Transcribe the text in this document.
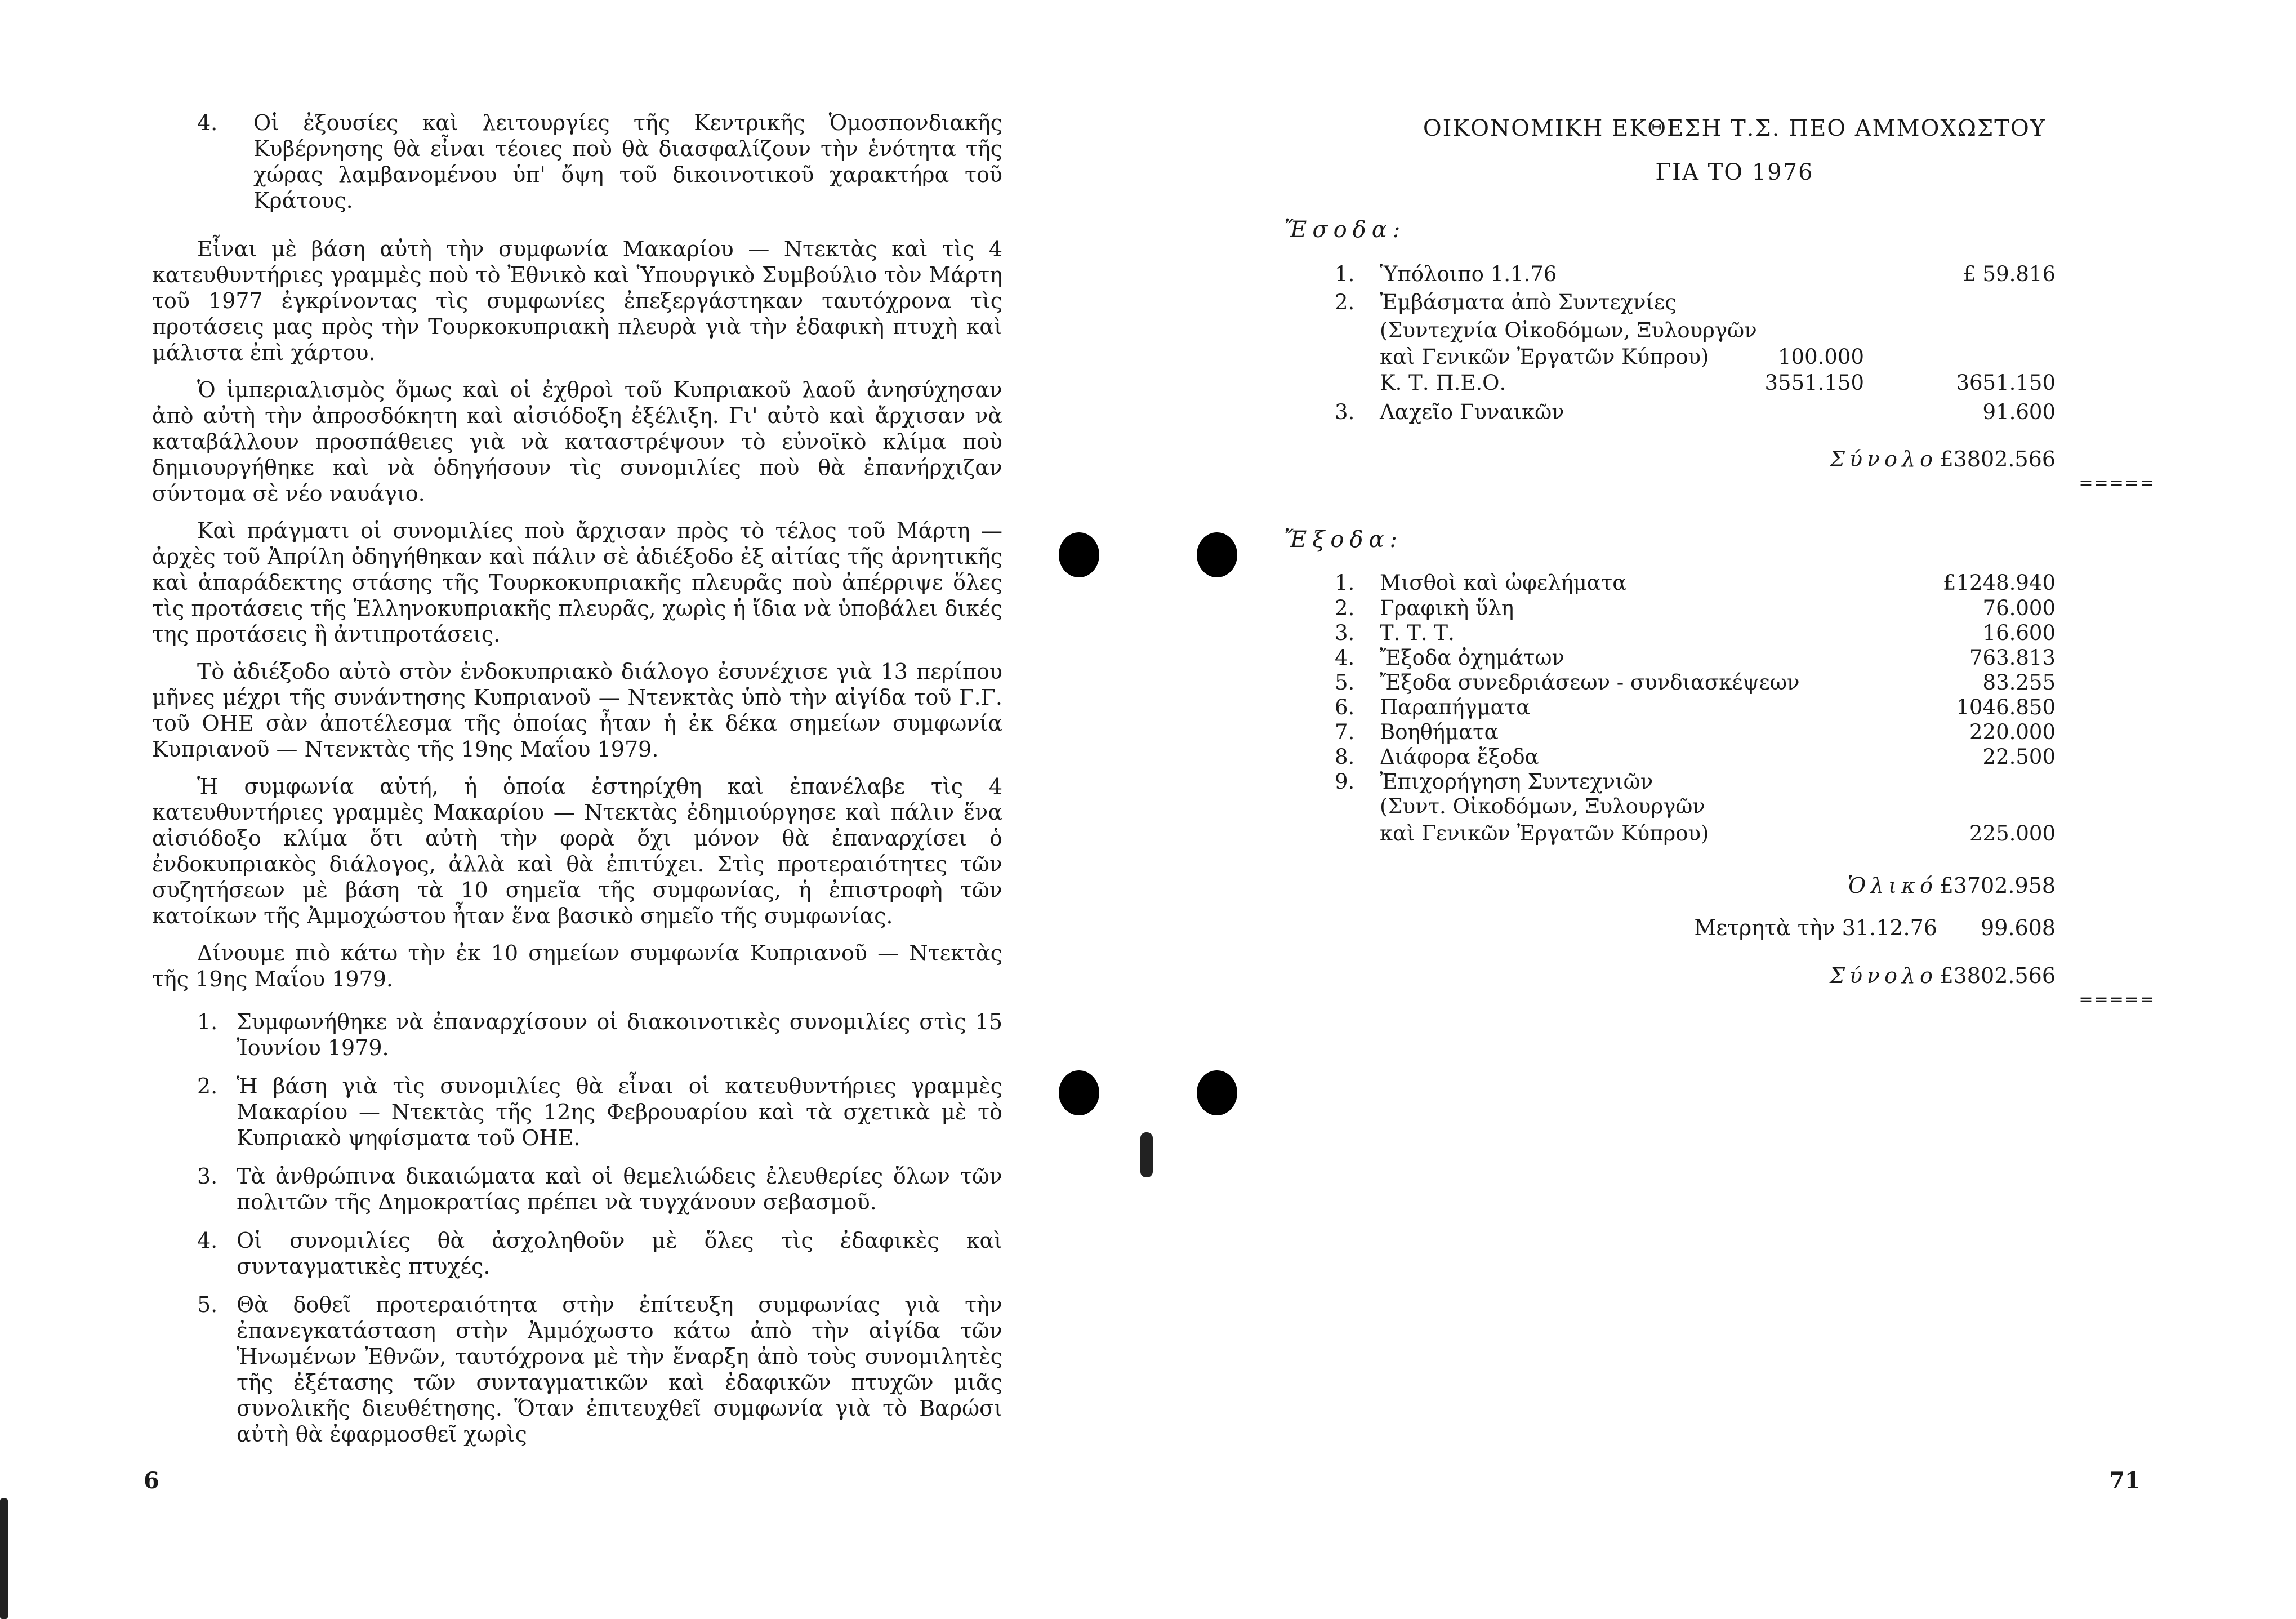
4.	Οἱ ἐξουσίες καὶ λειτουργίες τῆς Κεντρικῆς Ὁμοσπονδιακῆς Κυβέρνησης θὰ εἶναι τέοιες ποὺ θὰ διασφαλίζουν τὴν ἑνότητα τῆς χώρας λαμβανομένου ὑπ' ὄψη τοῦ δικοινοτικοῦ χαρακτήρα τοῦ Κράτους.

Εἶναι μὲ βάση αὐτὴ τὴν συμφωνία Μακαρίου — Ντεκτὰς καὶ τὶς 4 κατευθυντήριες γραμμὲς ποὺ τὸ Ἐθνικὸ καὶ Ὑπουργικὸ Συμβούλιο τὸν Μάρτη τοῦ 1977 ἐγκρίνοντας τὶς συμφωνίες ἐπεξεργάστηκαν ταυτόχρονα τὶς προτάσεις μας πρὸς τὴν Τουρκοκυπριακὴ πλευρὰ γιὰ τὴν ἐδαφικὴ πτυχὴ καὶ μάλιστα ἐπὶ χάρτου.

Ὁ ἱμπεριαλισμὸς ὅμως καὶ οἱ ἐχθροὶ τοῦ Κυπριακοῦ λαοῦ ἀνησύχησαν ἀπὸ αὐτὴ τὴν ἀπροσδόκητη καὶ αἰσιόδοξη ἐξέλιξη. Γι' αὐτὸ καὶ ἄρχισαν νὰ καταβάλλουν προσπάθειες γιὰ νὰ καταστρέψουν τὸ εὐνοϊκὸ κλίμα ποὺ δημιουργήθηκε καὶ νὰ ὁδηγήσουν τὶς συνομιλίες ποὺ θὰ ἐπανήρχιζαν σύντομα σὲ νέο ναυάγιο.

Καὶ πράγματι οἱ συνομιλίες ποὺ ἄρχισαν πρὸς τὸ τέλος τοῦ Μάρτη — ἀρχὲς τοῦ Ἀπρίλη ὁδηγήθηκαν καὶ πάλιν σὲ ἀδιέξοδο ἐξ αἰτίας τῆς ἀρνητικῆς καὶ ἀπαράδεκτης στάσης τῆς Τουρκοκυπριακῆς πλευρᾶς ποὺ ἀπέρριψε ὅλες τὶς προτάσεις τῆς Ἑλληνοκυπριακῆς πλευρᾶς, χωρὶς ἡ ἴδια νὰ ὑποβάλει δικές της προτάσεις ἢ ἀντιπροτάσεις.

Τὸ ἀδιέξοδο αὐτὸ στὸν ἐνδοκυπριακὸ διάλογο ἐσυνέχισε γιὰ 13 περίπου μῆνες μέχρι τῆς συνάντησης Κυπριανοῦ — Ντενκτὰς ὑπὸ τὴν αἰγίδα τοῦ Γ.Γ. τοῦ ΟΗΕ σὰν ἀποτέλεσμα τῆς ὁποίας ἦταν ἡ ἐκ δέκα σημείων συμφωνία Κυπριανοῦ — Ντενκτὰς τῆς 19ης Μαΐου 1979.

Ἡ συμφωνία αὐτή, ἡ ὁποία ἐστηρίχθη καὶ ἐπανέλαβε τὶς 4 κατευθυντήριες γραμμὲς Μακαρίου — Ντεκτὰς ἐδημιούργησε καὶ πάλιν ἕνα αἰσιόδοξο κλίμα ὅτι αὐτὴ τὴν φορὰ ὄχι μόνον θὰ ἐπαναρχίσει ὁ ἐνδοκυπριακὸς διάλογος, ἀλλὰ καὶ θὰ ἐπιτύχει. Στὶς προτεραιότητες τῶν συζητήσεων μὲ βάση τὰ 10 σημεῖα τῆς συμφωνίας, ἡ ἐπιστροφὴ τῶν κατοίκων τῆς Ἀμμοχώστου ἦταν ἕνα βασικὸ σημεῖο τῆς συμφωνίας.

Δίνουμε πιὸ κάτω τὴν ἐκ 10 σημείων συμφωνία Κυπριανοῦ — Ντεκτὰς τῆς 19ης Μαΐου 1979.

1. Συμφωνήθηκε νὰ ἐπαναρχίσουν οἱ διακοινοτικὲς συνομιλίες στὶς 15 Ἰουνίου 1979.
2. Ἡ βάση γιὰ τὶς συνομιλίες θὰ εἶναι οἱ κατευθυντήριες γραμμὲς Μακαρίου — Ντεκτὰς τῆς 12ης Φεβρουαρίου καὶ τὰ σχετικὰ μὲ τὸ Κυπριακὸ ψηφίσματα τοῦ ΟΗΕ.
3. Τὰ ἀνθρώπινα δικαιώματα καὶ οἱ θεμελιώδεις ἐλευθερίες ὅλων τῶν πολιτῶν τῆς Δημοκρατίας πρέπει νὰ τυγχάνουν σεβασμοῦ.
4. Οἱ συνομιλίες θὰ ἀσχοληθοῦν μὲ ὅλες τὶς ἐδαφικὲς καὶ συνταγματικὲς πτυχές.
5. Θὰ δοθεῖ προτεραιότητα στὴν ἐπίτευξη συμφωνίας γιὰ τὴν ἐπανεγκατάσταση στὴν Ἀμμόχωστο κάτω ἀπὸ τὴν αἰγίδα τῶν Ἡνωμένων Ἐθνῶν, ταυτόχρονα μὲ τὴν ἔναρξη ἀπὸ τοὺς συνομιλητὲς τῆς ἐξέτασης τῶν συνταγματικῶν καὶ ἐδαφικῶν πτυχῶν μιᾶς συνολικῆς διευθέτησης. Ὅταν ἐπιτευχθεῖ συμφωνία γιὰ τὸ Βαρώσι αὐτὴ θὰ ἐφαρμοσθεῖ χωρὶς
6
ΟΙΚΟΝΟΜΙΚΗ ΕΚΘΕΣΗ Τ.Σ. ΠΕΟ ΑΜΜΟΧΩΣΤΟΥ
ΓΙΑ ΤΟ 1976
Ἔσοδα:
1.	Ὑπόλοιπο 1.1.76	£ 59.816
2.	Ἐμβάσματα ἀπὸ Συντεχνίες
(Συντεχνία Οἰκοδόμων, Ξυλουργῶν
καὶ Γενικῶν Ἐργατῶν Κύπρου)	100.000
Κ. Τ. Π.Ε.Ο.	3551.150	3651.150
3.	Λαχεῖο Γυναικῶν	91.600
Σύνολο £3802.566
=====
Ἔξοδα:
1.	Μισθοὶ καὶ ὠφελήματα	£1248.940
2.	Γραφικὴ ὕλη	76.000
3.	Τ. Τ. Τ.	16.600
4.	Ἔξοδα ὀχημάτων	763.813
5.	Ἔξοδα συνεδριάσεων - συνδιασκέψεων	83.255
6.	Παραπήγματα	1046.850
7.	Βοηθήματα	220.000
8.	Διάφορα ἔξοδα	22.500
9.	Ἐπιχορήγηση Συντεχνιῶν
(Συντ. Οἰκοδόμων, Ξυλουργῶν
καὶ Γενικῶν Ἐργατῶν Κύπρου)	225.000
Ὁλικό £3702.958
Μετρητὰ τὴν 31.12.76 99.608
Σύνολο £3802.566
=====
71
